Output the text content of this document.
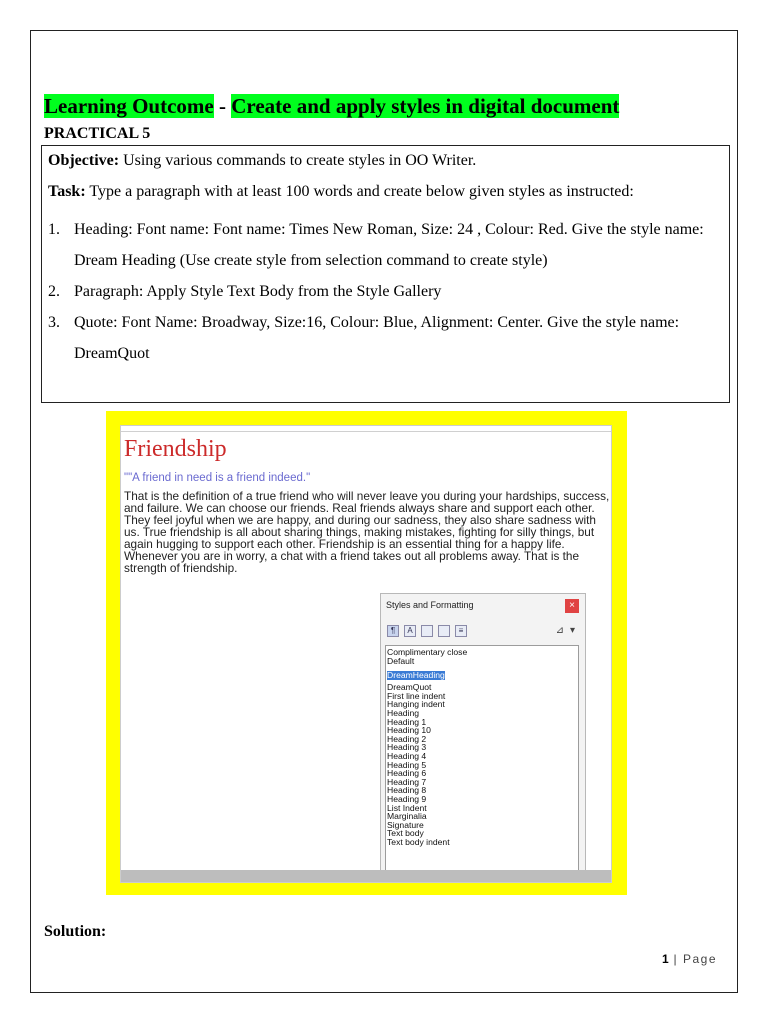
Learning Outcome - Create and apply styles in digital document
PRACTICAL 5

Objective: Using various commands to create styles in OO Writer.

Task: Type a paragraph with at least 100 words and create below given styles as instructed:

1. Heading: Font name: Font name: Times New Roman, Size: 24 , Colour: Red. Give the style name: Dream Heading (Use create style from selection command to create style)
2. Paragraph: Apply Style Text Body from the Style Gallery
3. Quote: Font Name: Broadway, Size:16, Colour: Blue, Alignment: Center. Give the style name: DreamQuot
Friendship
""A friend in need is a friend indeed."
That is the definition of a true friend who will never leave you during your hardships, success, and failure. We can choose our friends. Real friends always share and support each other. They feel joyful when we are happy, and during our sadness, they also share sadness with us. True friendship is all about sharing things, making mistakes, fighting for silly things, but again hugging to support each other. Friendship is an essential thing for a happy life. Whenever you are in worry, a chat with a friend takes out all problems away. That is the strength of friendship.
Styles and Formatting	×
¶	A	≡	⊿ ▾
Complimentary close
Default
DreamHeading
DreamQuot
First line indent
Hanging indent
Heading
Heading 1
Heading 10
Heading 2
Heading 3
Heading 4
Heading 5
Heading 6
Heading 7
Heading 8
Heading 9
List Indent
Marginalia
Signature
Text body
Text body indent
Solution:
1 | Page
